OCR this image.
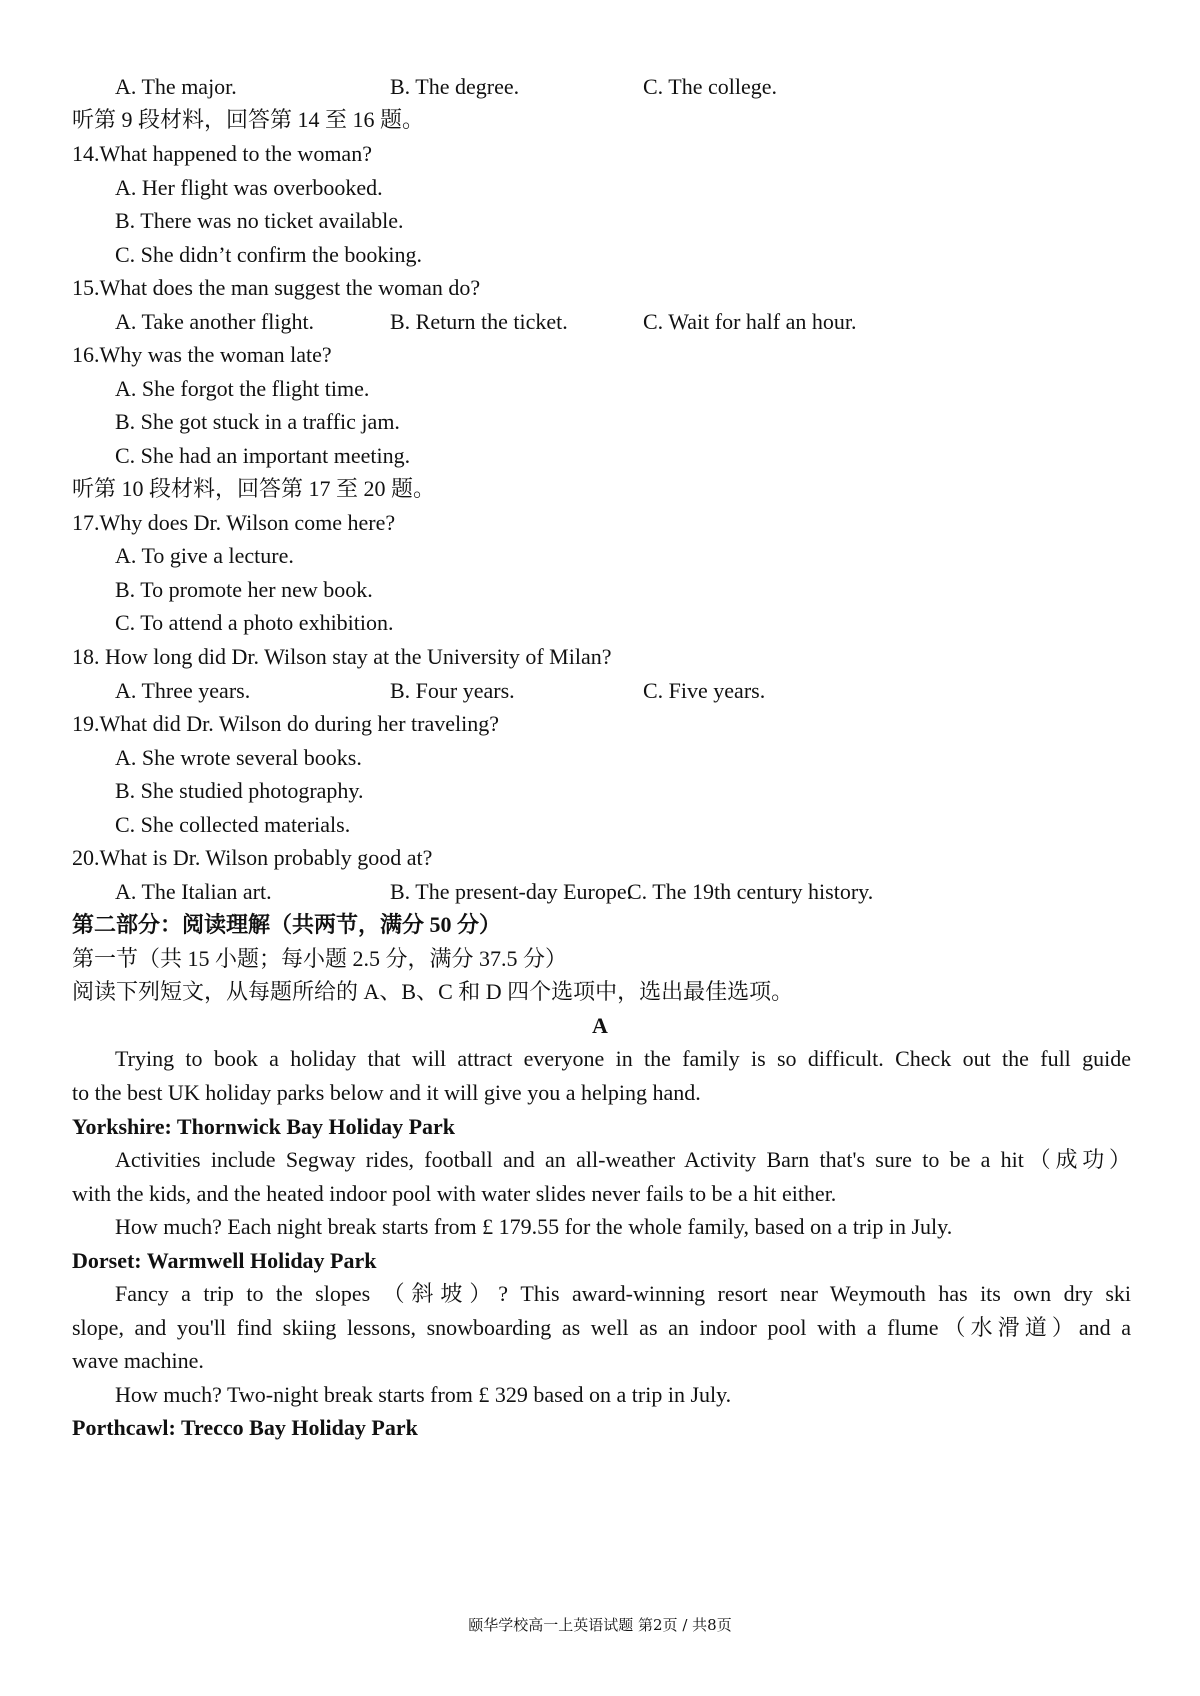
A. The major.	B. The degree.	C. The college.
听第 9 段材料，回答第 14 至 16 题。
14.What happened to the woman?
A. Her flight was overbooked.
B. There was no ticket available.
C. She didn’t confirm the booking.
15.What does the man suggest the woman do?
A. Take another flight.	B. Return the ticket.	C. Wait for half an hour.
16.Why was the woman late?
A. She forgot the flight time.
B. She got stuck in a traffic jam.
C. She had an important meeting.
听第 10 段材料，回答第 17 至 20 题。
17.Why does Dr. Wilson come here?
A. To give a lecture.
B. To promote her new book.
C. To attend a photo exhibition.
18. How long did Dr. Wilson stay at the University of Milan?
A. Three years.	B. Four years.	C. Five years.
19.What did Dr. Wilson do during her traveling?
A. She wrote several books.
B. She studied photography.
C. She collected materials.
20.What is Dr. Wilson probably good at?
A. The Italian art.	B. The present-day Europe.
C. The 19th century history.
第二部分：阅读理解（共两节，满分 50 分）
第一节（共 15 小题；每小题 2.5 分，满分 37.5 分）
阅读下列短文，从每题所给的 A、B、C 和 D 四个选项中，选出最佳选项。
A
Trying to book a holiday that will attract everyone in the family is so difficult. Check out the full guide
to the best UK holiday parks below and it will give you a helping hand.
Yorkshire: Thornwick Bay Holiday Park
Activities include Segway rides, football and an all-weather Activity Barn that's sure to be a hit（成功）
with the kids, and the heated indoor pool with water slides never fails to be a hit either.
How much? Each night break starts from £ 179.55 for the whole family, based on a trip in July.
Dorset: Warmwell Holiday Park
Fancy a trip to the slopes （斜坡）? This award-winning resort near Weymouth has its own dry ski
slope, and you'll find skiing lessons, snowboarding as well as an indoor pool with a flume（水滑道）and a
wave machine.
How much? Two-night break starts from £ 329 based on a trip in July.
Porthcawl: Trecco Bay Holiday Park
颐华学校高一上英语试题 第2页 / 共8页
